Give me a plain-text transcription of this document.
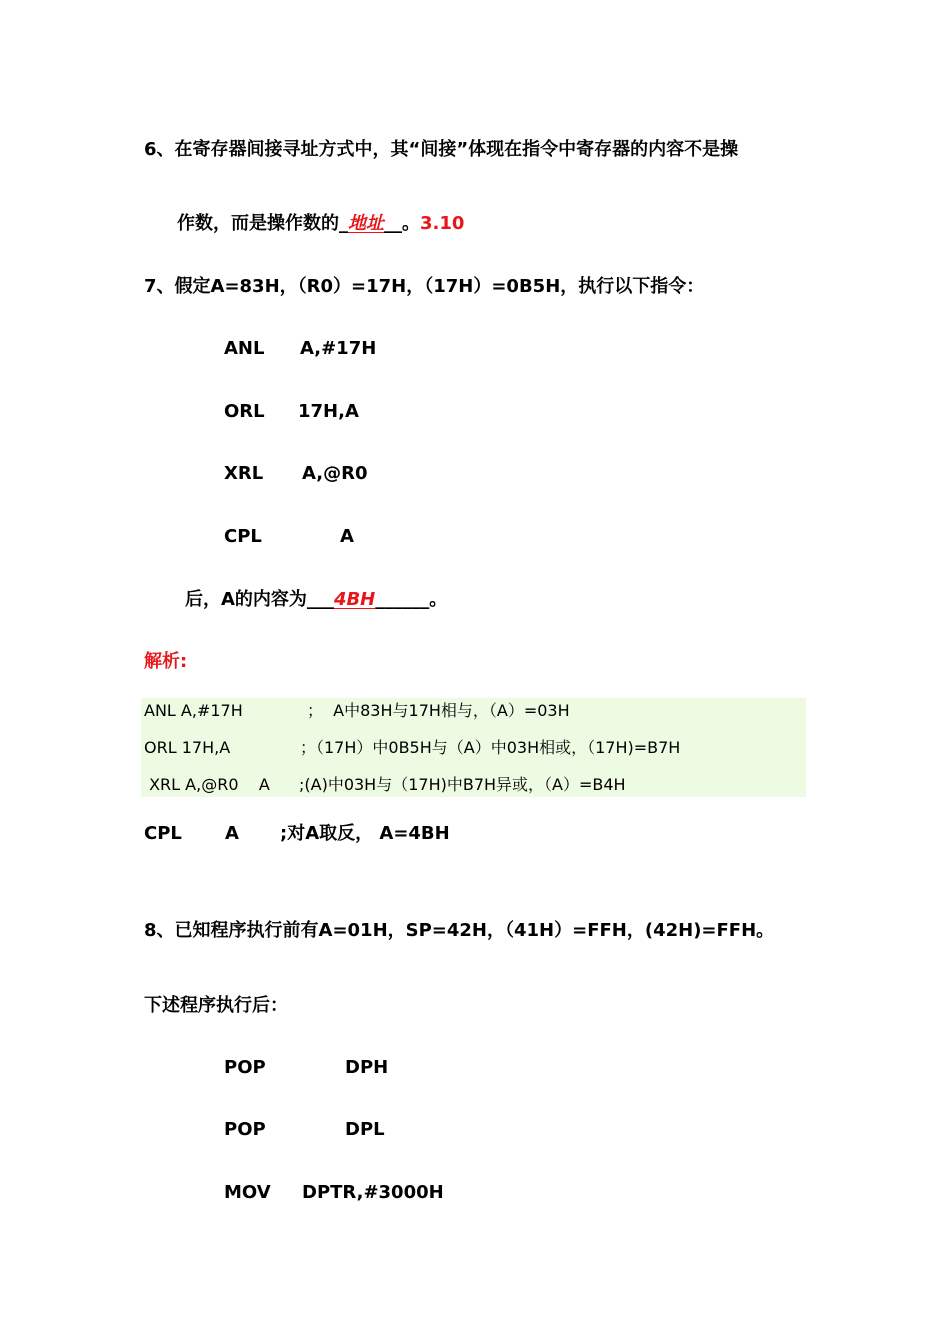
6、在寄存器间接寻址方式中，其“间接”体现在指令中寄存器的内容不是操
作数，而是操作数的_地址__。3.10
7、假定A=83H，（R0）=17H，（17H）=0B5H，执行以下指令：
ANL A,#17H
ORL 17H,A
XRL A,@R0
CPL	A
后，A的内容为___4BH______。
解析:
ANL A,#17H	；  A中83H与17H相与，（A）=03H
ORL 17H,A	；（17H）中0B5H与（A）中03H相或，（17H)=B7H
XRL A,@R0    A ;(A)中03H与（17H)中B7H异或，（A）=B4H
CPL A ;对A取反， A=4BH
8、已知程序执行前有A=01H，SP=42H，（41H）=FFH，(42H)=FFH。
下述程序执行后：
POP	DPH
POP	DPL
MOV DPTR,#3000H
